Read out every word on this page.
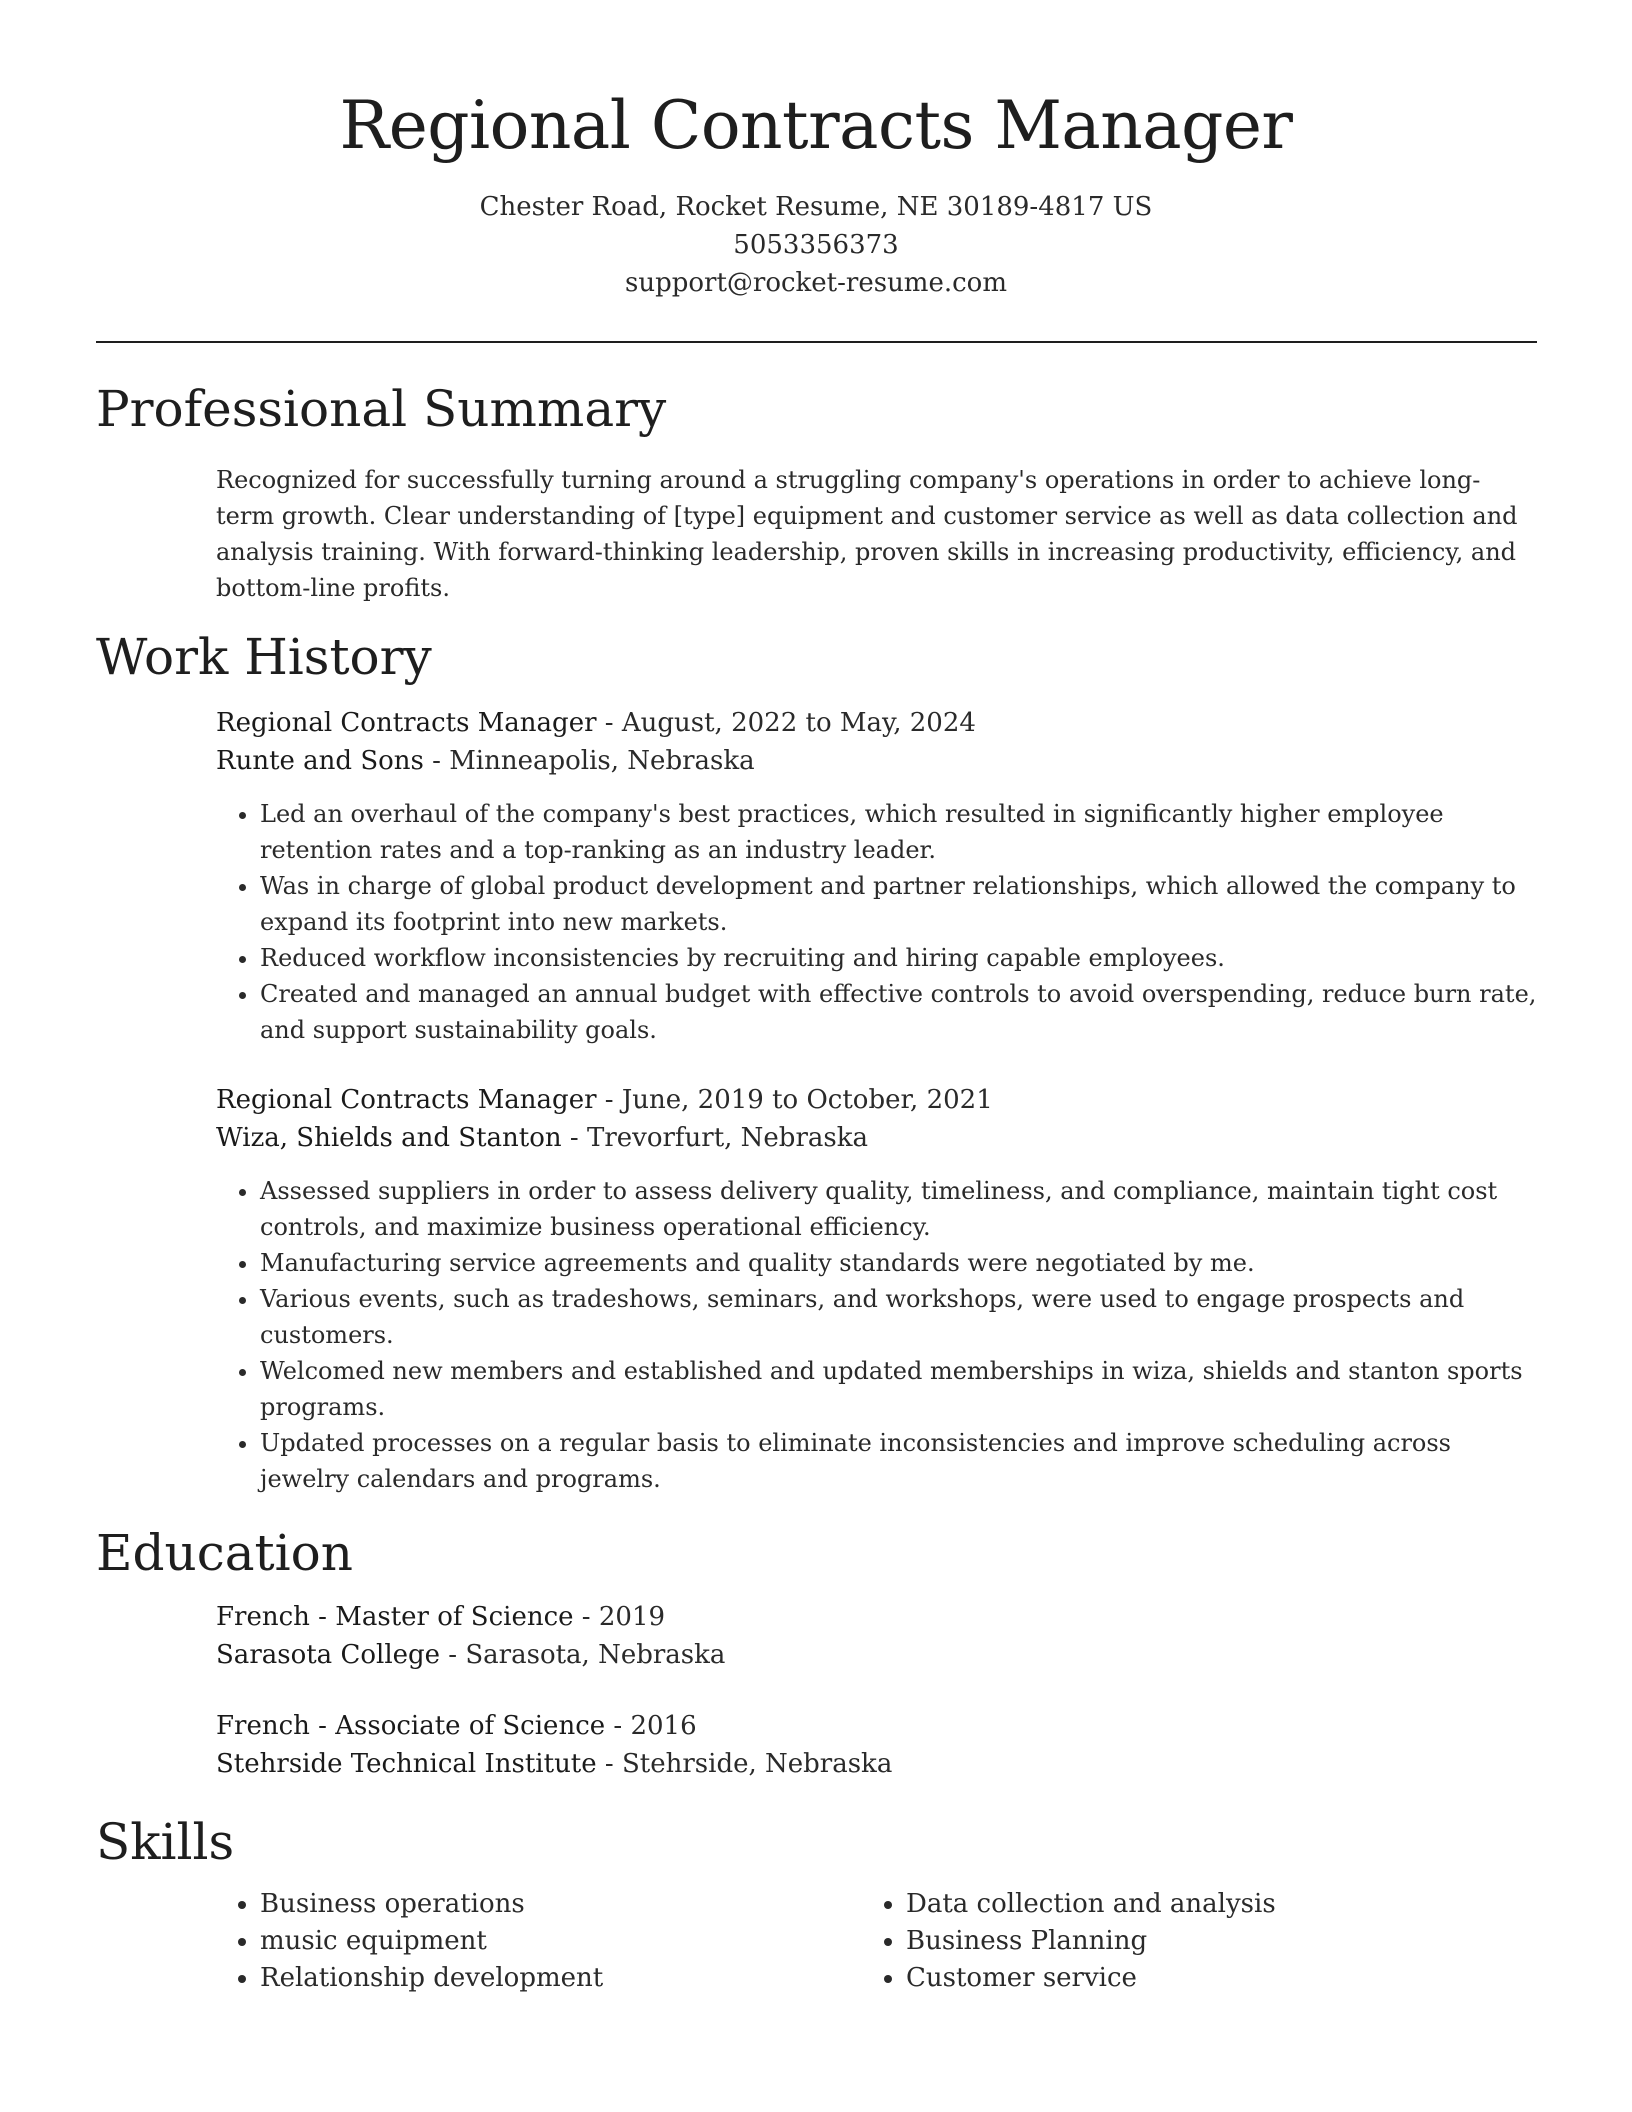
Regional Contracts Manager
Chester Road, Rocket Resume, NE 30189-4817 US
5053356373
support@rocket-resume.com
Professional Summary
Recognized for successfully turning around a struggling company's operations in order to achieve long-term growth. Clear understanding of [type] equipment and customer service as well as data collection and analysis training. With forward-thinking leadership, proven skills in increasing productivity, efficiency, and bottom-line profits.
Work History
Regional Contracts Manager - August, 2022 to May, 2024
Runte and Sons - Minneapolis, Nebraska
• Led an overhaul of the company's best practices, which resulted in significantly higher employee retention rates and a top-ranking as an industry leader.
• Was in charge of global product development and partner relationships, which allowed the company to expand its footprint into new markets.
• Reduced workflow inconsistencies by recruiting and hiring capable employees.
• Created and managed an annual budget with effective controls to avoid overspending, reduce burn rate, and support sustainability goals.
Regional Contracts Manager - June, 2019 to October, 2021
Wiza, Shields and Stanton - Trevorfurt, Nebraska
• Assessed suppliers in order to assess delivery quality, timeliness, and compliance, maintain tight cost controls, and maximize business operational efficiency.
• Manufacturing service agreements and quality standards were negotiated by me.
• Various events, such as tradeshows, seminars, and workshops, were used to engage prospects and customers.
• Welcomed new members and established and updated memberships in wiza, shields and stanton sports programs.
• Updated processes on a regular basis to eliminate inconsistencies and improve scheduling across jewelry calendars and programs.
Education
French - Master of Science - 2019
Sarasota College - Sarasota, Nebraska
French - Associate of Science - 2016
Stehrside Technical Institute - Stehrside, Nebraska
Skills
• Business operations
• music equipment
• Relationship development
• Data collection and analysis
• Business Planning
• Customer service
